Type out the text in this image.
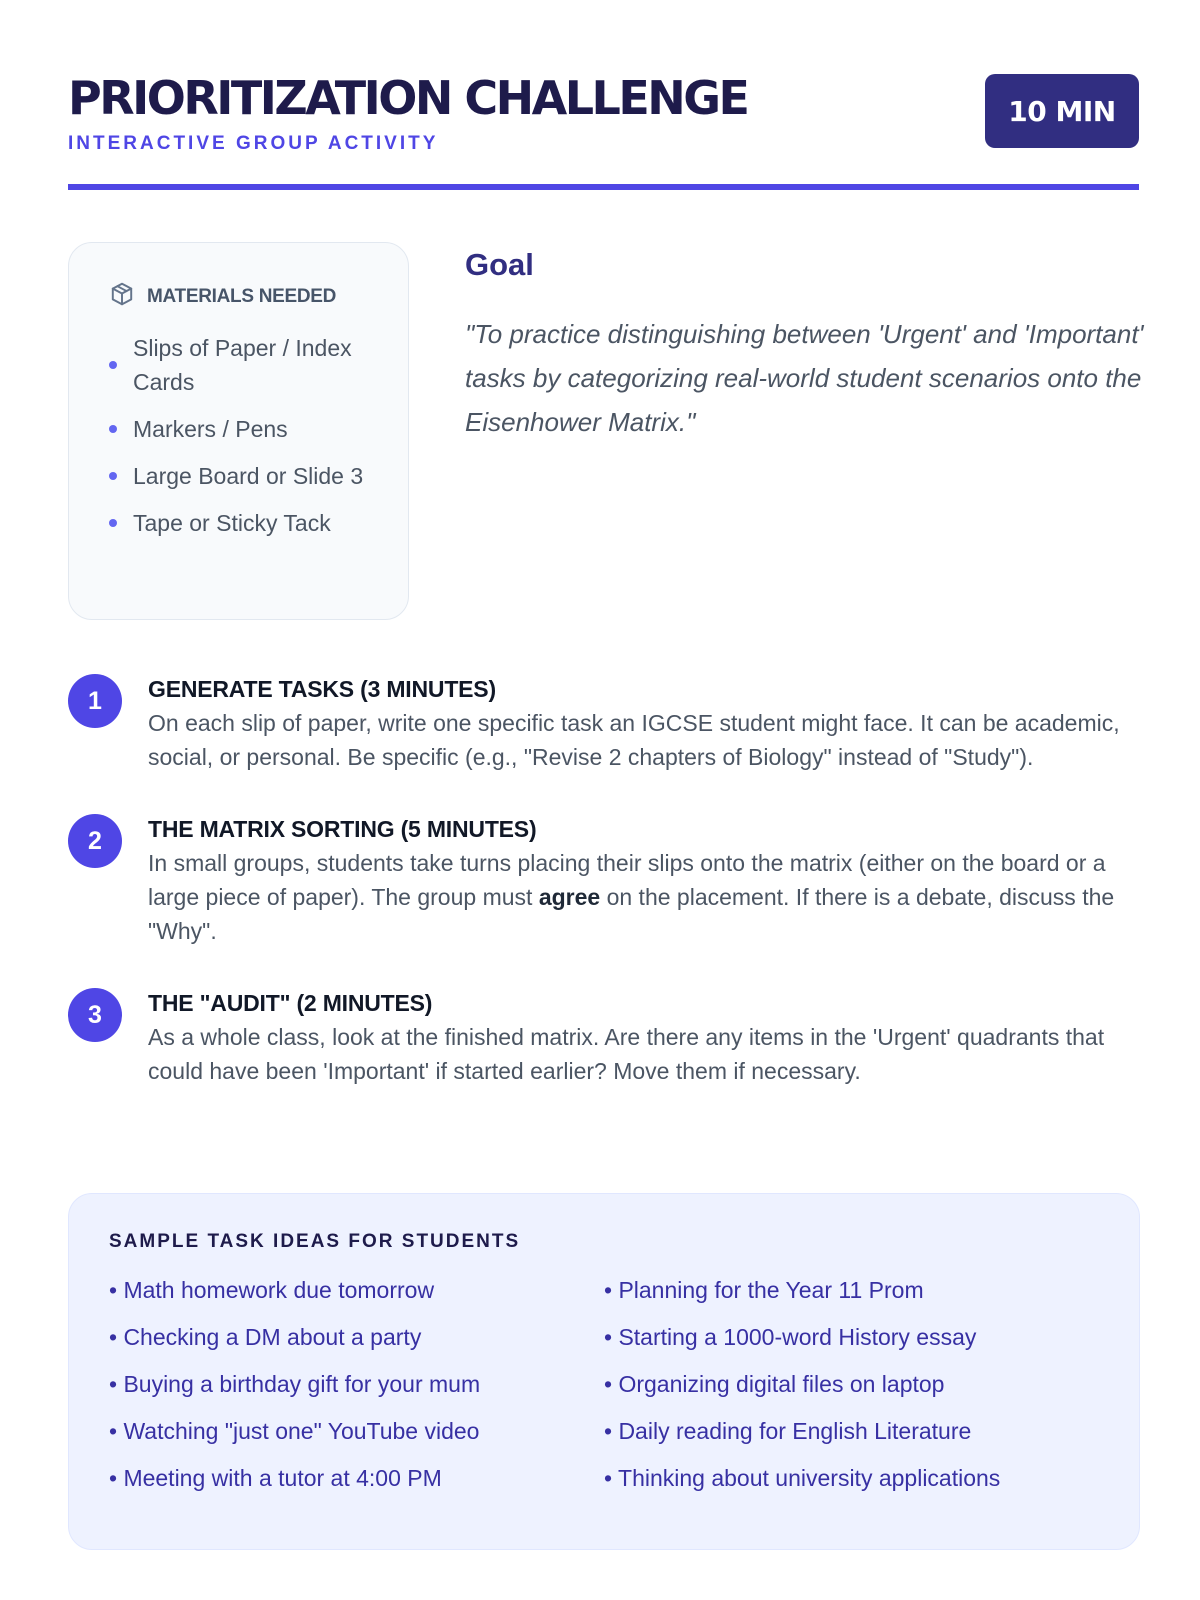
PRIORITIZATION CHALLENGE
INTERACTIVE GROUP ACTIVITY
10 MIN
MATERIALS NEEDED
Slips of Paper / Index Cards
Markers / Pens
Large Board or Slide 3
Tape or Sticky Tack
Goal

"To practice distinguishing between 'Urgent' and 'Important' tasks by categorizing real-world student scenarios onto the Eisenhower Matrix."

1	GENERATE TASKS (3 MINUTES)
On each slip of paper, write one specific task an IGCSE student might face. It can be academic, social, or personal. Be specific (e.g., "Revise 2 chapters of Biology" instead of "Study").
2	THE MATRIX SORTING (5 MINUTES)
In small groups, students take turns placing their slips onto the matrix (either on the board or a large piece of paper). The group must agree on the placement. If there is a debate, discuss the "Why".
3	THE "AUDIT" (2 MINUTES)
As a whole class, look at the finished matrix. Are there any items in the 'Urgent' quadrants that could have been 'Important' if started earlier? Move them if necessary.
SAMPLE TASK IDEAS FOR STUDENTS
• Math homework due tomorrow
• Checking a DM about a party
• Buying a birthday gift for your mum
• Watching "just one" YouTube video
• Meeting with a tutor at 4:00 PM
• Planning for the Year 11 Prom
• Starting a 1000-word History essay
• Organizing digital files on laptop
• Daily reading for English Literature
• Thinking about university applications
